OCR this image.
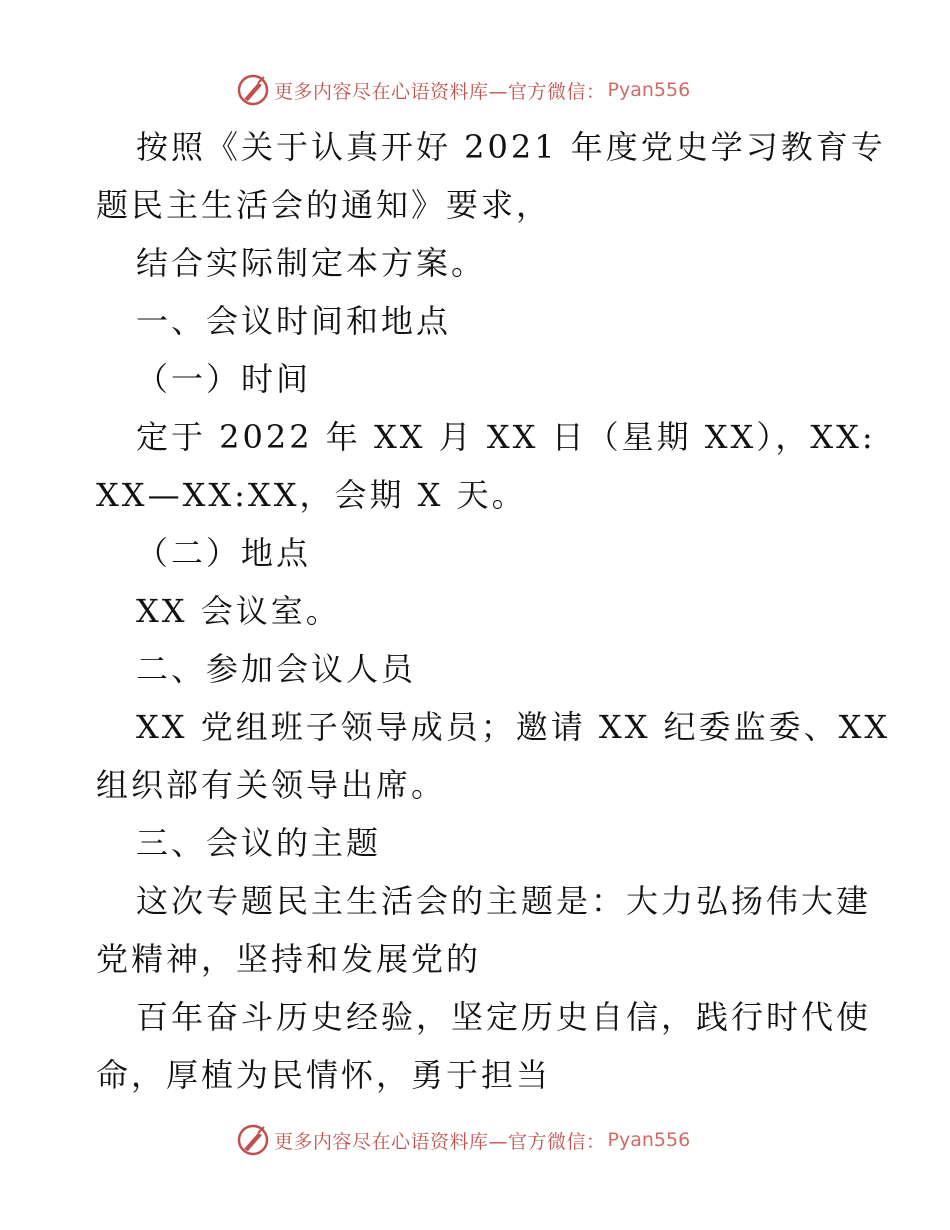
更多内容尽在心语资料库—官方微信： Pyan556
按照《关于认真开好 2021 年度党史学习教育专
题民主生活会的通知》要求，
结合实际制定本方案。
一、会议时间和地点
（一）时间
定于 2022 年 XX 月 XX 日（星期 XX），XX:
XX—XX:XX，会期 X 天。
（二）地点
XX 会议室。
二、参加会议人员
XX 党组班子领导成员；邀请 XX 纪委监委、XX
组织部有关领导出席。
三、会议的主题
这次专题民主生活会的主题是：大力弘扬伟大建
党精神，坚持和发展党的
百年奋斗历史经验，坚定历史自信，践行时代使
命，厚植为民情怀，勇于担当
更多内容尽在心语资料库—官方微信： Pyan556
